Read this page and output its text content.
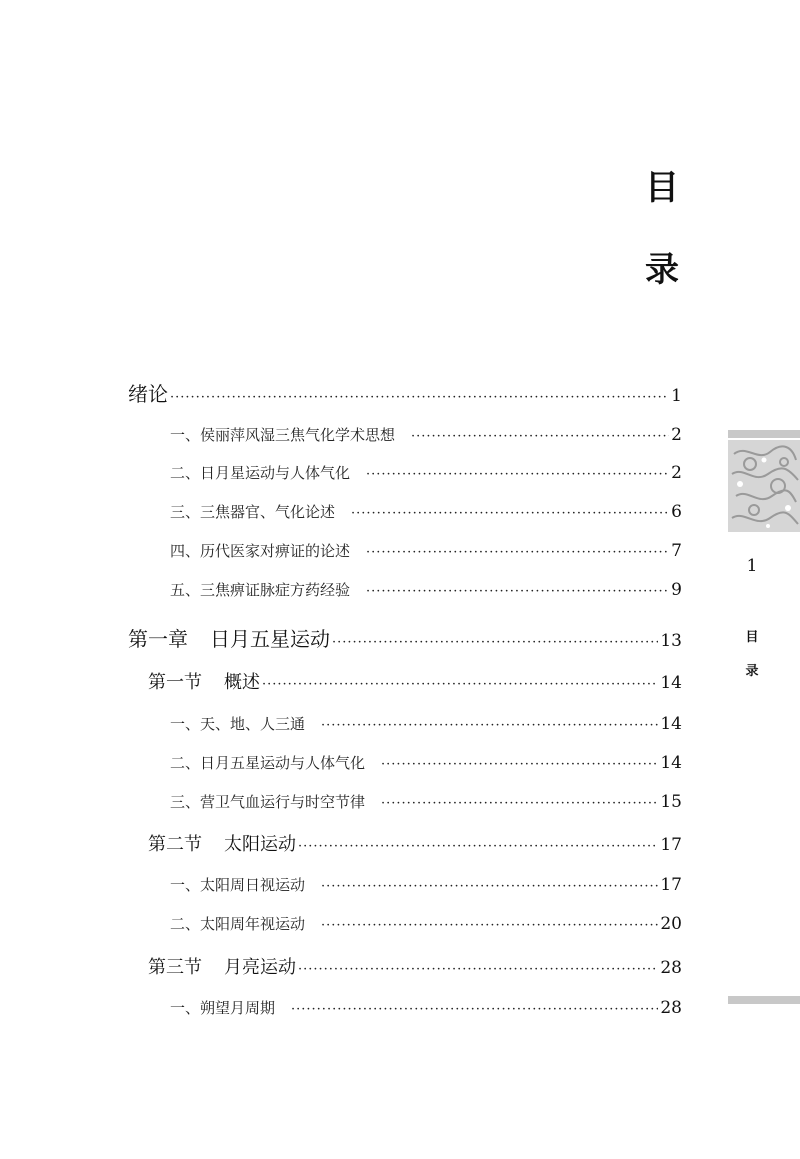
目
录
绪论 ·····	1
一、侯丽萍风湿三焦气化学术思想 ·····	2
二、日月星运动与人体气化 ·····	2
三、三焦器官、气化论述 ·····	6
四、历代医家对痹证的论述 ·····	7
五、三焦痹证脉症方药经验 ·····	9
第一章 日月五星运动 ·····	13
第一节 概述 ·····	14
一、天、地、人三通 ·····	14
二、日月五星运动与人体气化 ·····	14
三、营卫气血运行与时空节律 ·····	15
第二节 太阳运动 ·····	17
一、太阳周日视运动 ·····	17
二、太阳周年视运动 ·····	20
第三节 月亮运动 ·····	28
一、朔望月周期 ·····	28
1
目
录
